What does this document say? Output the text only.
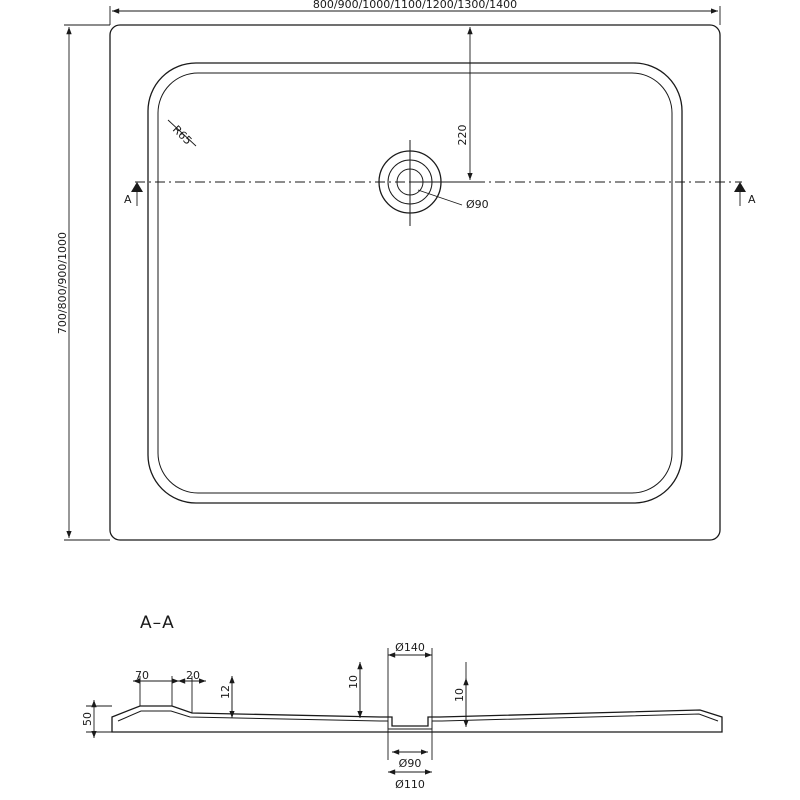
A	A
Ø90
R65
800/900/1000/1100/1200/1300/1400
700/800/900/1000
220
A–A
70	20
12
10
10
Ø140
Ø90
Ø110
50
